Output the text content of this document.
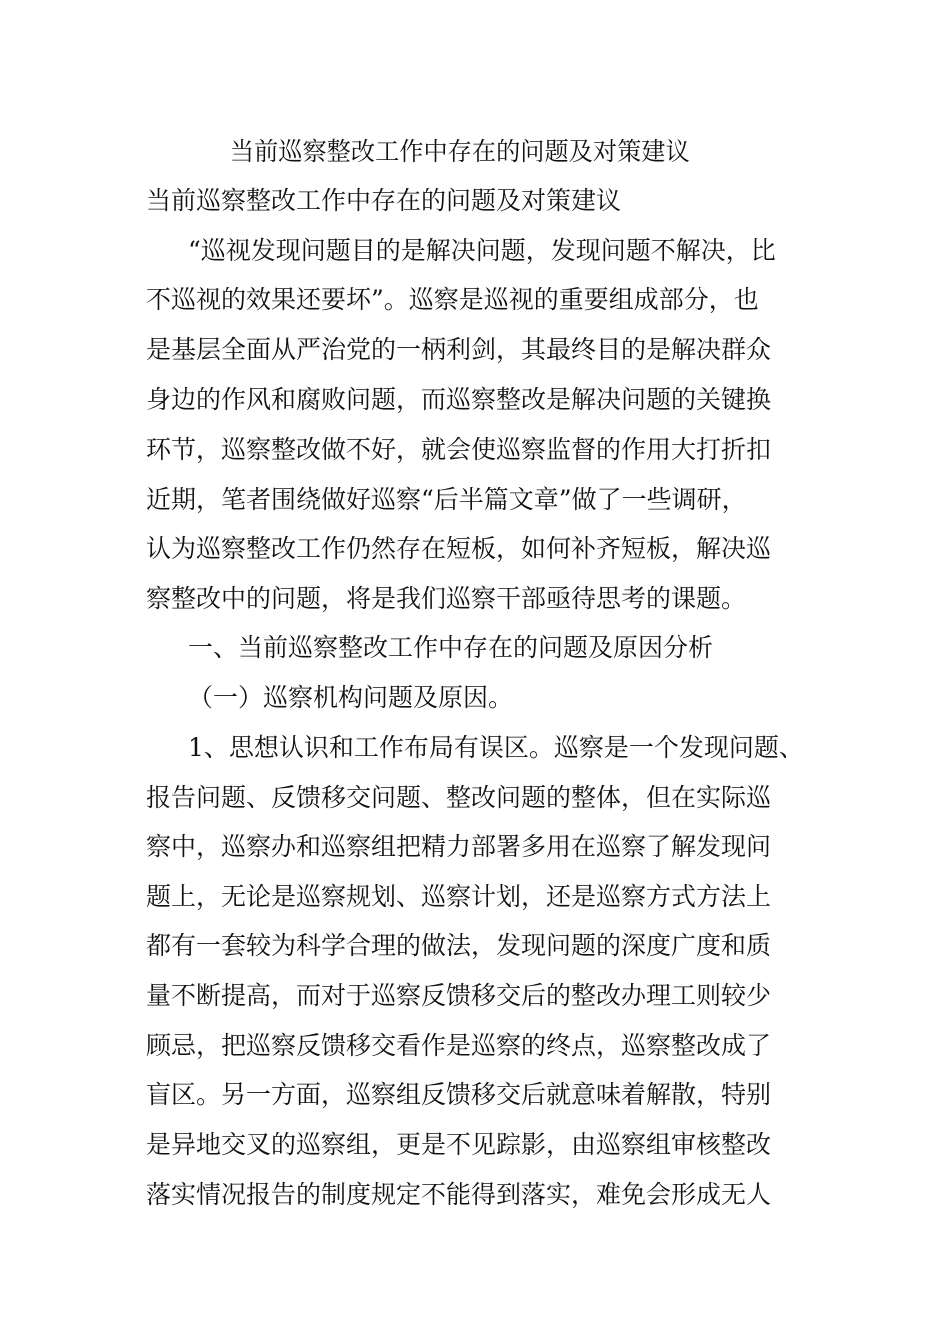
当前巡察整改工作中存在的问题及对策建议
当前巡察整改工作中存在的问题及对策建议
“巡视发现问题目的是解决问题，发现问题不解决，比
不巡视的效果还要坏”。巡察是巡视的重要组成部分，也
是基层全面从严治党的一柄利剑，其最终目的是解决群众
身边的作风和腐败问题，而巡察整改是解决问题的关键换
环节，巡察整改做不好，就会使巡察监督的作用大打折扣
近期，笔者围绕做好巡察“后半篇文章”做了一些调研，
认为巡察整改工作仍然存在短板，如何补齐短板，解决巡
察整改中的问题，将是我们巡察干部亟待思考的课题。
一、当前巡察整改工作中存在的问题及原因分析
（一）巡察机构问题及原因。
1、思想认识和工作布局有误区。巡察是一个发现问题、
报告问题、反馈移交问题、整改问题的整体，但在实际巡
察中，巡察办和巡察组把精力部署多用在巡察了解发现问
题上，无论是巡察规划、巡察计划，还是巡察方式方法上
都有一套较为科学合理的做法，发现问题的深度广度和质
量不断提高，而对于巡察反馈移交后的整改办理工则较少
顾忌，把巡察反馈移交看作是巡察的终点，巡察整改成了
盲区。另一方面，巡察组反馈移交后就意味着解散，特别
是异地交叉的巡察组，更是不见踪影，由巡察组审核整改
落实情况报告的制度规定不能得到落实，难免会形成无人
